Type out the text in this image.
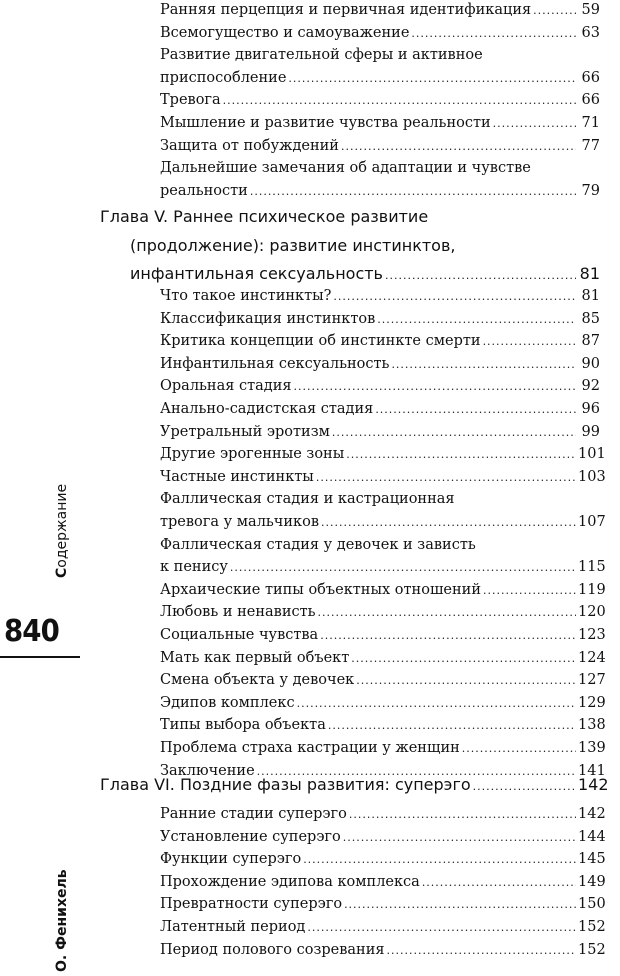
Содержание
840
О. Фенихель
Ранняя перцепция и первичная идентификация .....	59
Всемогущество и самоуважение .....	63
Развитие двигательной сферы и активное
приспособление .....	66
Тревога .....	66
Мышление и развитие чувства реальности .....	71
Защита от побуждений .....	77
Дальнейшие замечания об адаптации и чувстве
реальности .....	79
Глава V. Раннее психическое развитие
(продолжение): развитие инстинктов,
инфантильная сексуальность .....	81
Что такое инстинкты? .....	81
Классификация инстинктов .....	85
Критика концепции об инстинкте смерти .....	87
Инфантильная сексуальность .....	90
Оральная стадия .....	92
Анально-садистская стадия .....	96
Уретральный эротизм .....	99
Другие эрогенные зоны .....	101
Частные инстинкты .....	103
Фаллическая стадия и кастрационная
тревога у мальчиков .....	107
Фаллическая стадия у девочек и зависть
к пенису .....	115
Архаические типы объектных отношений .....	119
Любовь и ненависть .....	120
Социальные чувства .....	123
Мать как первый объект .....	124
Смена объекта у девочек .....	127
Эдипов комплекс .....	129
Типы выбора объекта .....	138
Проблема страха кастрации у женщин .....	139
Заключение .....	141
Глава VI. Поздние фазы развития: суперэго .....	142
Ранние стадии суперэго .....	142
Установление суперэго .....	144
Функции суперэго .....	145
Прохождение эдипова комплекса .....	149
Превратности суперэго .....	150
Латентный период .....	152
Период полового созревания .....	152
